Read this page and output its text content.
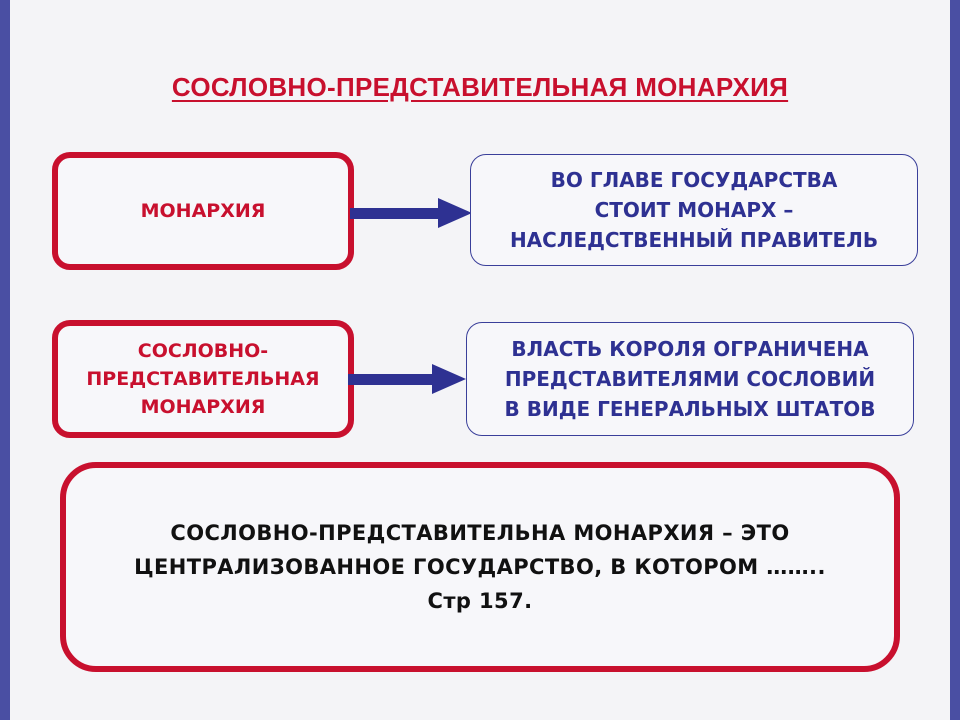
СОСЛОВНО-ПРЕДСТАВИТЕЛЬНАЯ МОНАРХИЯ
МОНАРХИЯ
ВО ГЛАВЕ ГОСУДАРСТВА
СТОИТ МОНАРХ –
НАСЛЕДСТВЕННЫЙ ПРАВИТЕЛЬ
СОСЛОВНО-
ПРЕДСТАВИТЕЛЬНАЯ
МОНАРХИЯ
ВЛАСТЬ КОРОЛЯ ОГРАНИЧЕНА
ПРЕДСТАВИТЕЛЯМИ СОСЛОВИЙ
В ВИДЕ ГЕНЕРАЛЬНЫХ ШТАТОВ
СОСЛОВНО-ПРЕДСТАВИТЕЛЬНА МОНАРХИЯ – ЭТО
ЦЕНТРАЛИЗОВАННОЕ ГОСУДАРСТВО, В КОТОРОМ ……..
Стр 157.
